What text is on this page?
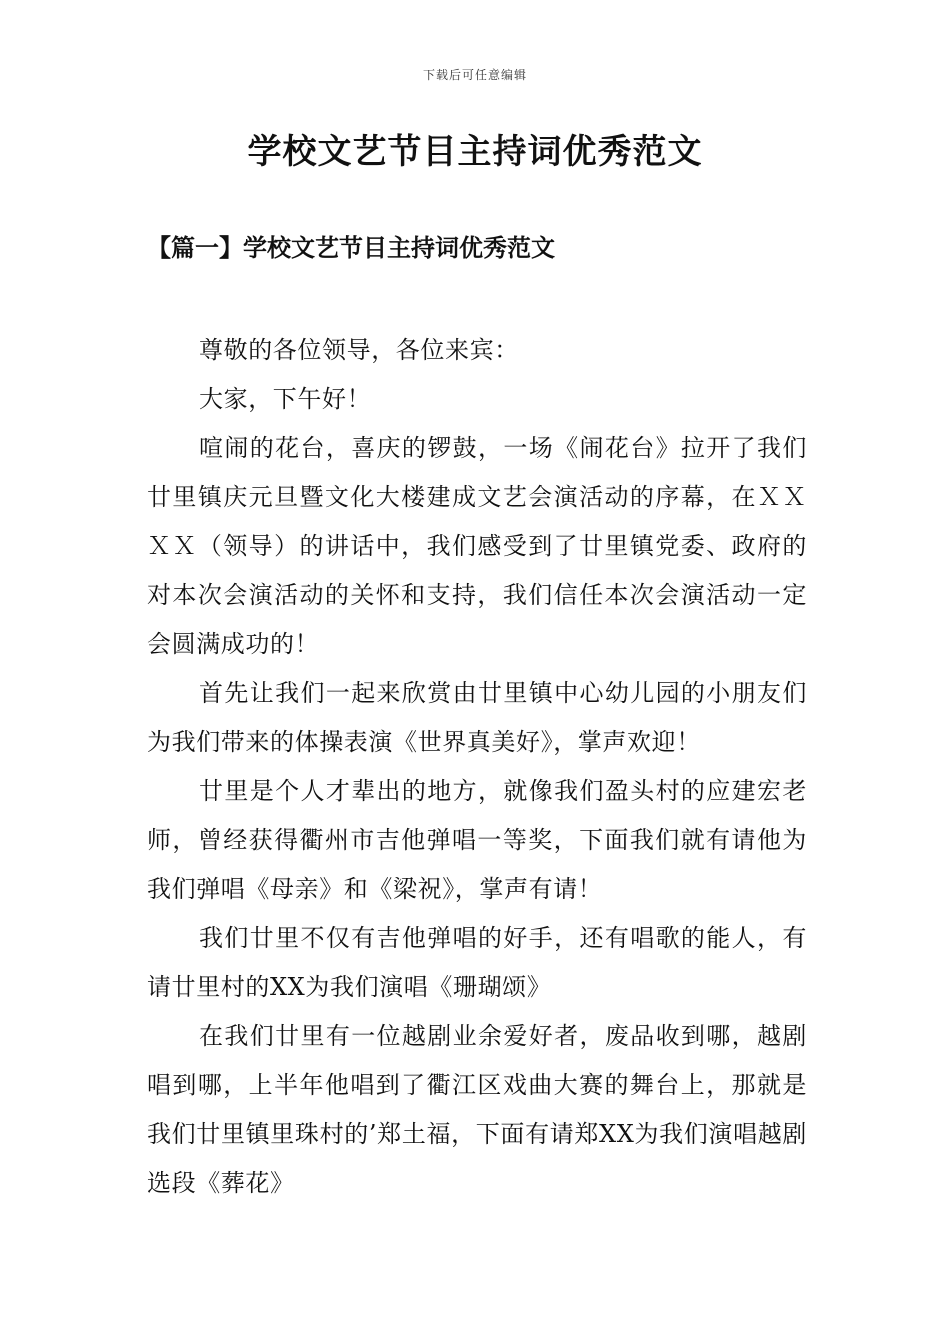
下载后可任意编辑
学校文艺节目主持词优秀范文
【篇一】学校文艺节目主持词优秀范文

尊敬的各位领导，各位来宾：

大家，下午好！

喧闹的花台，喜庆的锣鼓，一场《闹花台》拉开了我们廿里镇庆元旦暨文化大楼建成文艺会演活动的序幕，在ＸＸＸＸ（领导）的讲话中，我们感受到了廿里镇党委、政府的对本次会演活动的关怀和支持，我们信任本次会演活动一定会圆满成功的！

首先让我们一起来欣赏由廿里镇中心幼儿园的小朋友们为我们带来的体操表演《世界真美好》，掌声欢迎！

廿里是个人才辈出的地方，就像我们盈头村的应建宏老师，曾经获得衢州市吉他弹唱一等奖，下面我们就有请他为我们弹唱《母亲》和《梁祝》，掌声有请！

我们廿里不仅有吉他弹唱的好手，还有唱歌的能人，有请廿里村的XX为我们演唱《珊瑚颂》

在我们廿里有一位越剧业余爱好者，废品收到哪，越剧唱到哪，上半年他唱到了衢江区戏曲大赛的舞台上，那就是我们廿里镇里珠村的’郑土福，下面有请郑XX为我们演唱越剧选段《葬花》
